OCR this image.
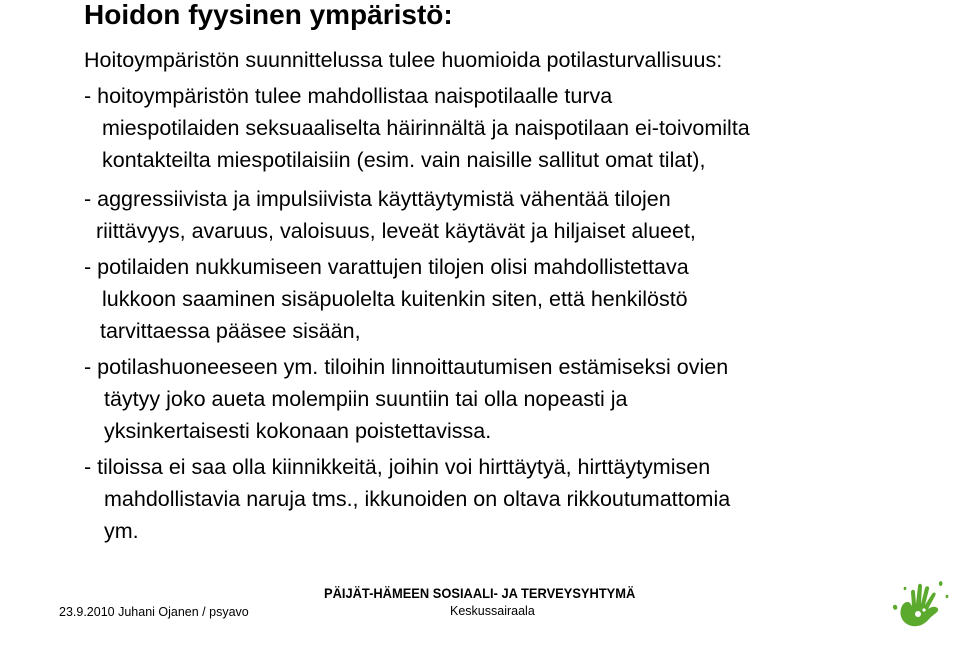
Hoidon fyysinen ympäristö:
Hoitoympäristön suunnittelussa tulee huomioida potilasturvallisuus:
- hoitoympäristön tulee mahdollistaa naispotilaalle turva
miespotilaiden seksuaaliselta häirinnältä ja naispotilaan ei-toivomilta
kontakteilta miespotilaisiin (esim. vain naisille sallitut omat tilat),
- aggressiivista ja impulsiivista käyttäytymistä vähentää tilojen
riittävyys, avaruus, valoisuus, leveät käytävät ja hiljaiset alueet,
- potilaiden nukkumiseen varattujen tilojen olisi mahdollistettava
lukkoon saaminen sisäpuolelta kuitenkin siten, että henkilöstö
tarvittaessa pääsee sisään,
- potilashuoneeseen ym. tiloihin linnoittautumisen estämiseksi ovien
täytyy joko aueta molempiin suuntiin tai olla nopeasti ja
yksinkertaisesti kokonaan poistettavissa.
- tiloissa ei saa olla kiinnikkeitä, joihin voi hirttäytyä, hirttäytymisen
mahdollistavia naruja tms., ikkunoiden on oltava rikkoutumattomia
ym.
23.9.2010 Juhani Ojanen / psyavo
PÄIJÄT-HÄMEEN SOSIAALI- JA TERVEYSYHTYMÄ
Keskussairaala
